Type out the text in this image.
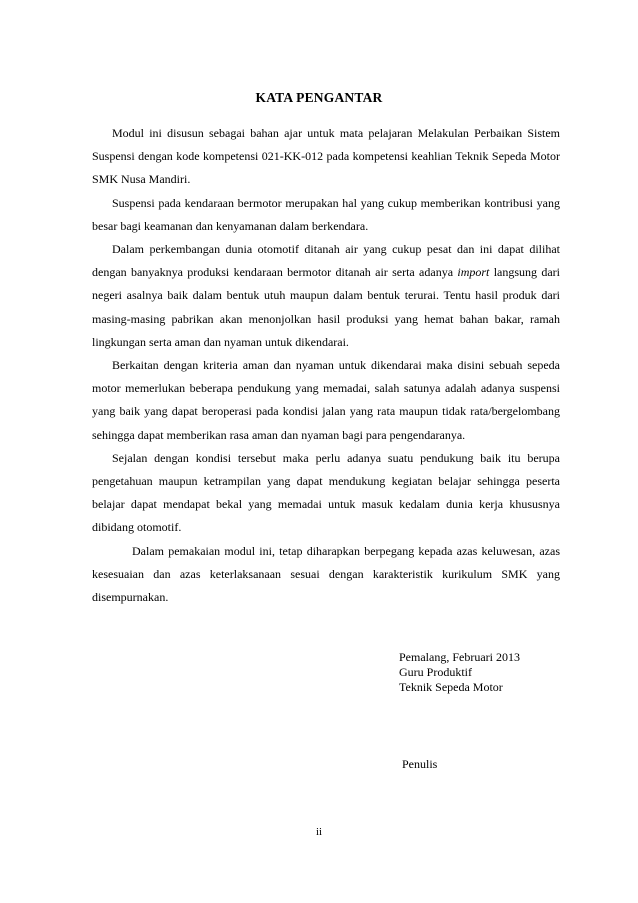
KATA PENGANTAR

Modul ini disusun sebagai bahan ajar untuk mata pelajaran Melakulan Perbaikan Sistem Suspensi dengan kode kompetensi 021-KK-012 pada kompetensi keahlian Teknik Sepeda Motor SMK Nusa Mandiri.

Suspensi pada kendaraan bermotor merupakan hal yang cukup memberikan kontribusi yang besar bagi keamanan dan kenyamanan dalam berkendara.

Dalam perkembangan dunia otomotif ditanah air yang cukup pesat dan ini dapat dilihat dengan banyaknya produksi kendaraan bermotor ditanah air serta adanya import langsung dari negeri asalnya baik dalam bentuk utuh maupun dalam bentuk terurai. Tentu hasil produk dari masing-masing pabrikan akan menonjolkan hasil produksi yang hemat bahan bakar, ramah lingkungan serta aman dan nyaman untuk dikendarai.

Berkaitan dengan kriteria aman dan nyaman untuk dikendarai maka disini sebuah sepeda motor memerlukan beberapa pendukung yang memadai, salah satunya adalah adanya suspensi yang baik yang dapat beroperasi pada kondisi jalan yang rata maupun tidak rata/bergelombang sehingga dapat memberikan rasa aman dan nyaman bagi para pengendaranya.

Sejalan dengan kondisi tersebut maka perlu adanya suatu pendukung baik itu berupa pengetahuan maupun ketrampilan yang dapat mendukung kegiatan belajar sehingga peserta belajar dapat mendapat bekal yang memadai untuk masuk kedalam dunia kerja khususnya dibidang otomotif.

Dalam pemakaian modul ini, tetap diharapkan berpegang kepada azas keluwesan, azas kesesuaian dan azas keterlaksanaan sesuai dengan karakteristik kurikulum SMK yang disempurnakan.

Pemalang, Februari 2013
Guru Produktif
Teknik Sepeda Motor
Penulis
ii
